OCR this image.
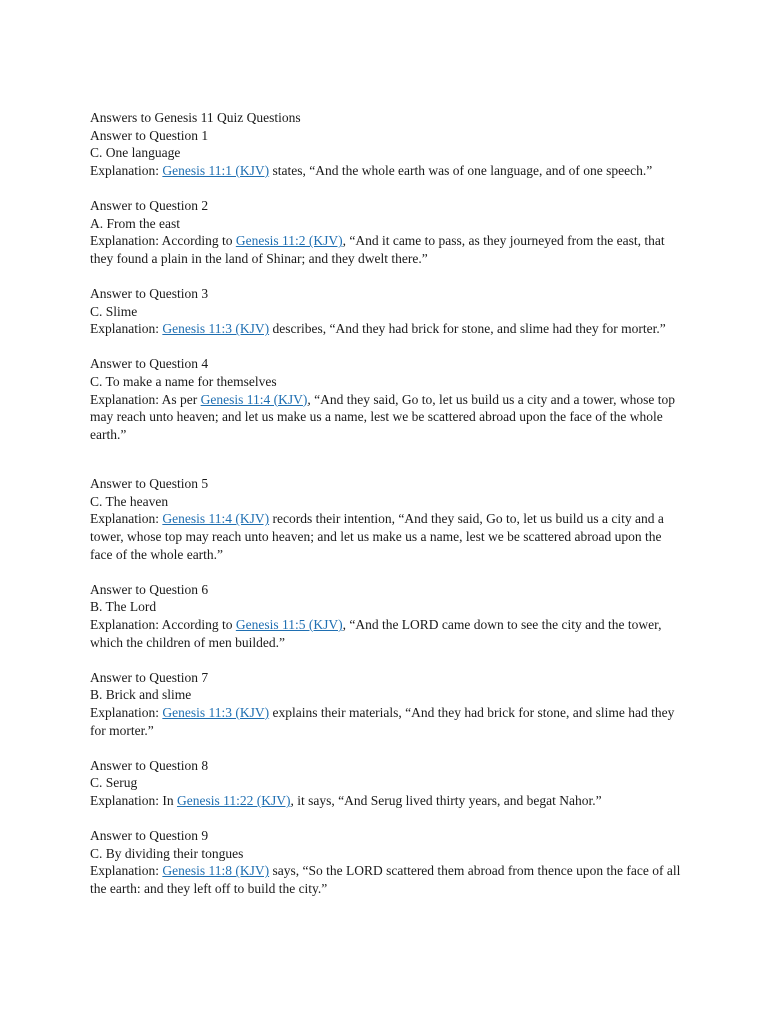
Answers to Genesis 11 Quiz Questions
Answer to Question 1
C. One language
Explanation: Genesis 11:1 (KJV) states, “And the whole earth was of one language, and of one speech.”
Answer to Question 2
A. From the east
Explanation: According to Genesis 11:2 (KJV), “And it came to pass, as they journeyed from the east, that they found a plain in the land of Shinar; and they dwelt there.”
Answer to Question 3
C. Slime
Explanation: Genesis 11:3 (KJV) describes, “And they had brick for stone, and slime had they for morter.”
Answer to Question 4
C. To make a name for themselves
Explanation: As per Genesis 11:4 (KJV), “And they said, Go to, let us build us a city and a tower, whose top may reach unto heaven; and let us make us a name, lest we be scattered abroad upon the face of the whole earth.”
Answer to Question 5
C. The heaven
Explanation: Genesis 11:4 (KJV) records their intention, “And they said, Go to, let us build us a city and a tower, whose top may reach unto heaven; and let us make us a name, lest we be scattered abroad upon the face of the whole earth.”
Answer to Question 6
B. The Lord
Explanation: According to Genesis 11:5 (KJV), “And the LORD came down to see the city and the tower, which the children of men builded.”
Answer to Question 7
B. Brick and slime
Explanation: Genesis 11:3 (KJV) explains their materials, “And they had brick for stone, and slime had they for morter.”
Answer to Question 8
C. Serug
Explanation: In Genesis 11:22 (KJV), it says, “And Serug lived thirty years, and begat Nahor.”
Answer to Question 9
C. By dividing their tongues
Explanation: Genesis 11:8 (KJV) says, “So the LORD scattered them abroad from thence upon the face of all the earth: and they left off to build the city.”
